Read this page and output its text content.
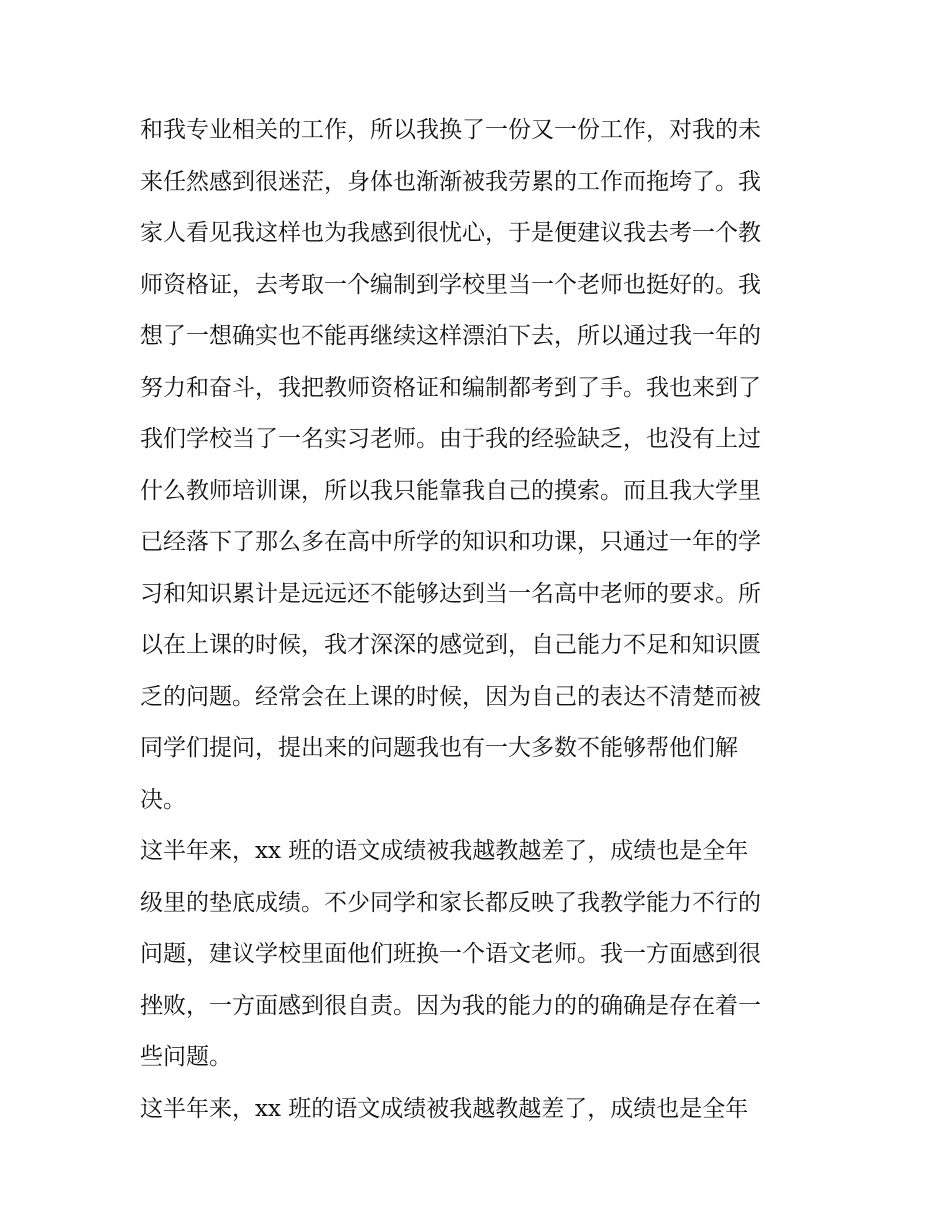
和我专业相关的工作，所以我换了一份又一份工作，对我的未
来任然感到很迷茫，身体也渐渐被我劳累的工作而拖垮了。我
家人看见我这样也为我感到很忧心，于是便建议我去考一个教
师资格证，去考取一个编制到学校里当一个老师也挺好的。我
想了一想确实也不能再继续这样漂泊下去，所以通过我一年的
努力和奋斗，我把教师资格证和编制都考到了手。我也来到了
我们学校当了一名实习老师。由于我的经验缺乏，也没有上过
什么教师培训课，所以我只能靠我自己的摸索。而且我大学里
已经落下了那么多在高中所学的知识和功课，只通过一年的学
习和知识累计是远远还不能够达到当一名高中老师的要求。所
以在上课的时候，我才深深的感觉到，自己能力不足和知识匮
乏的问题。经常会在上课的时候，因为自己的表达不清楚而被
同学们提问，提出来的问题我也有一大多数不能够帮他们解
决。
这半年来，xx 班的语文成绩被我越教越差了，成绩也是全年
级里的垫底成绩。不少同学和家长都反映了我教学能力不行的
问题，建议学校里面他们班换一个语文老师。我一方面感到很
挫败，一方面感到很自责。因为我的能力的的确确是存在着一
些问题。
这半年来，xx 班的语文成绩被我越教越差了，成绩也是全年
